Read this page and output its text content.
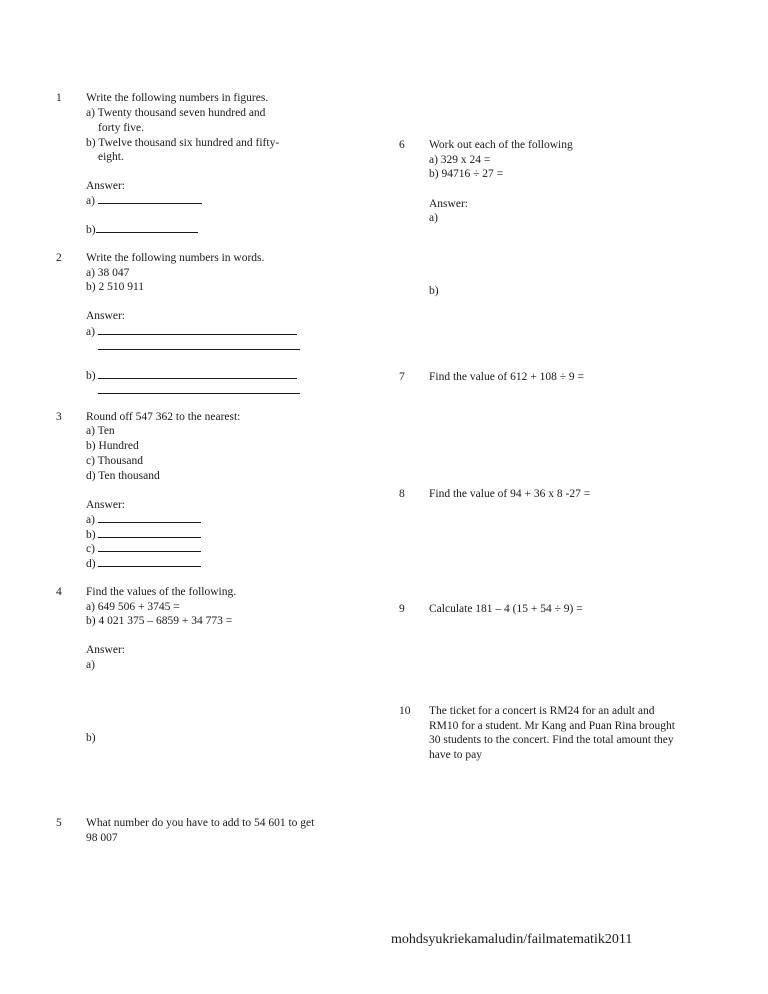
1 Write the following numbers in figures.
a) Twenty thousand seven hundred and
forty five.
b) Twelve thousand six hundred and fifty-
eight.
Answer:
a)
b)
2 Write the following numbers in words.
a) 38 047
b) 2 510 911
Answer:
a)
b)
3 Round off 547 362 to the nearest:
a) Ten
b) Hundred
c) Thousand
d) Ten thousand
Answer:
a)
b)
c)
d)
4 Find the values of the following.
a) 649 506 + 3745 =
b) 4 021 375 – 6859 + 34 773 =
Answer:
a)
b)
5 What number do you have to add to 54 601 to get
98 007
6 Work out each of the following
a) 329 x 24 =
b) 94716 ÷ 27 =
Answer:
a)
b)
7 Find the value of 612 + 108 ÷ 9 =
8 Find the value of 94 + 36 x 8 -27 =
9 Calculate 181 – 4 (15 + 54 ÷ 9) =
10 The ticket for a concert is RM24 for an adult and
RM10 for a student. Mr Kang and Puan Rina brought
30 students to the concert. Find the total amount they
have to pay
mohdsyukriekamaludin/failmatematik2011
